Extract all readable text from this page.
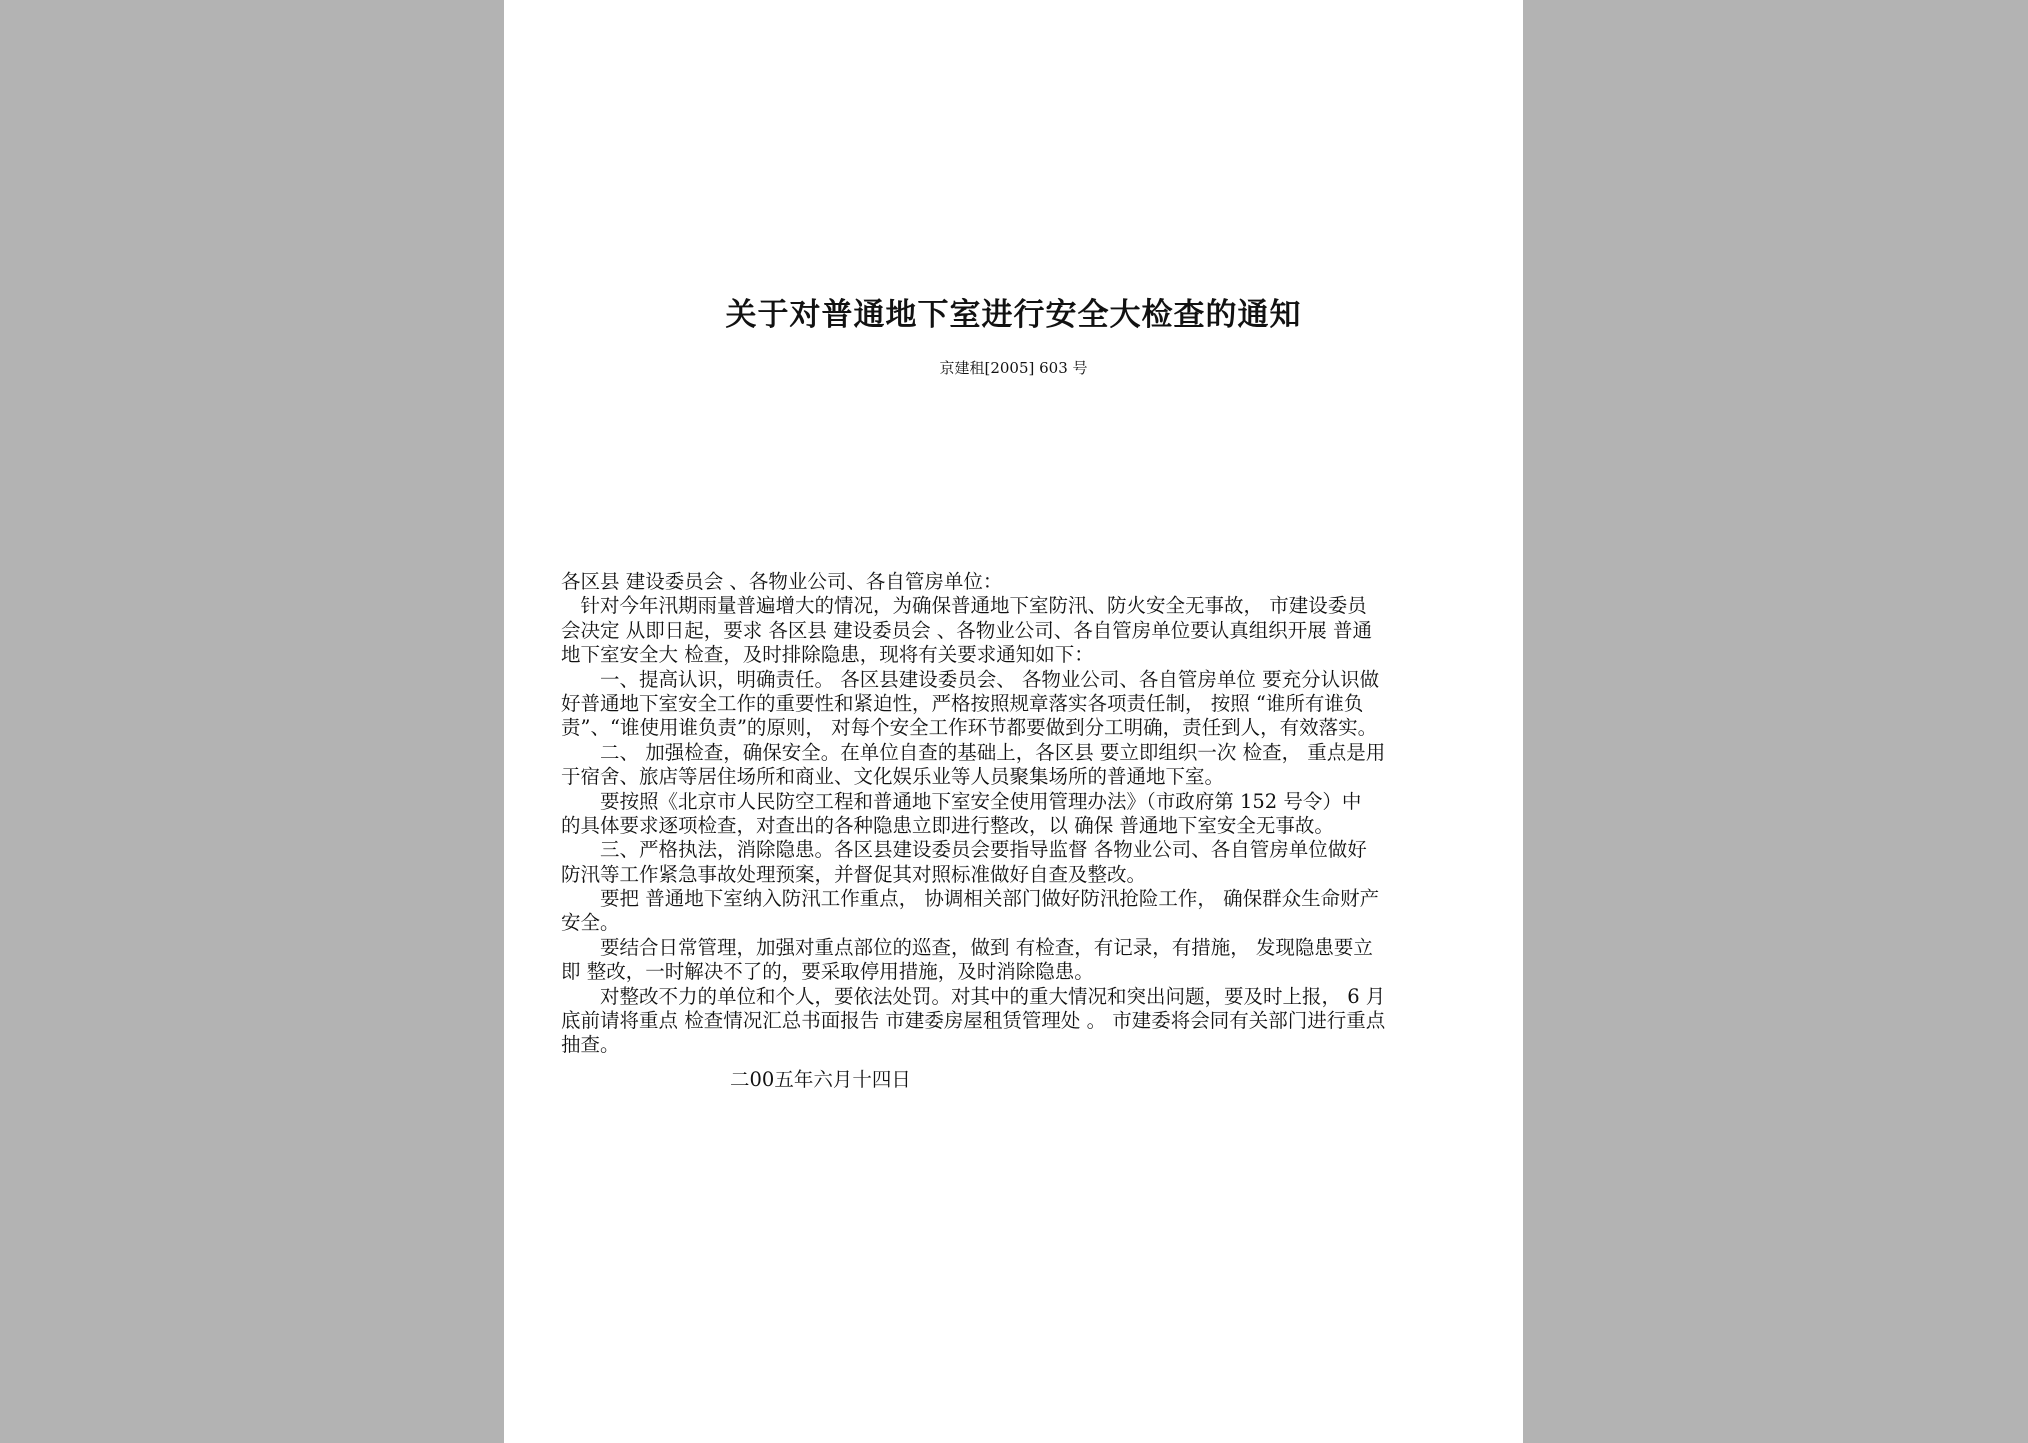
关于对普通地下室进行安全大检查的通知
京建租[2005] 603 号
各区县 建设委员会 、各物业公司、各自管房单位：
　针对今年汛期雨量普遍增大的情况，为确保普通地下室防汛、防火安全无事故， 市建设委员
会决定 从即日起，要求 各区县 建设委员会 、各物业公司、各自管房单位要认真组织开展 普通
地下室安全大 检查，及时排除隐患，现将有关要求通知如下：
　　一、提高认识，明确责任。 各区县建设委员会、 各物业公司、各自管房单位 要充分认识做
好普通地下室安全工作的重要性和紧迫性，严格按照规章落实各项责任制， 按照 “谁所有谁负
责”、“谁使用谁负责”的原则， 对每个安全工作环节都要做到分工明确，责任到人，有效落实。
　　二、 加强检查，确保安全。在单位自查的基础上，各区县 要立即组织一次 检查， 重点是用
于宿舍、旅店等居住场所和商业、文化娱乐业等人员聚集场所的普通地下室。
　　要按照《北京市人民防空工程和普通地下室安全使用管理办法》（市政府第 152 号令）中
的具体要求逐项检查，对查出的各种隐患立即进行整改，以 确保 普通地下室安全无事故。
　　三、严格执法，消除隐患。各区县建设委员会要指导监督 各物业公司、各自管房单位做好
防汛等工作紧急事故处理预案，并督促其对照标准做好自查及整改。
　　要把 普通地下室纳入防汛工作重点， 协调相关部门做好防汛抢险工作， 确保群众生命财产
安全。
　　要结合日常管理，加强对重点部位的巡查，做到 有检查，有记录，有措施， 发现隐患要立
即 整改，一时解决不了的，要采取停用措施，及时消除隐患。
　　对整改不力的单位和个人，要依法处罚。对其中的重大情况和突出问题，要及时上报， 6 月
底前请将重点 检查情况汇总书面报告 市建委房屋租赁管理处 。 市建委将会同有关部门进行重点
抽查。
二00五年六月十四日
